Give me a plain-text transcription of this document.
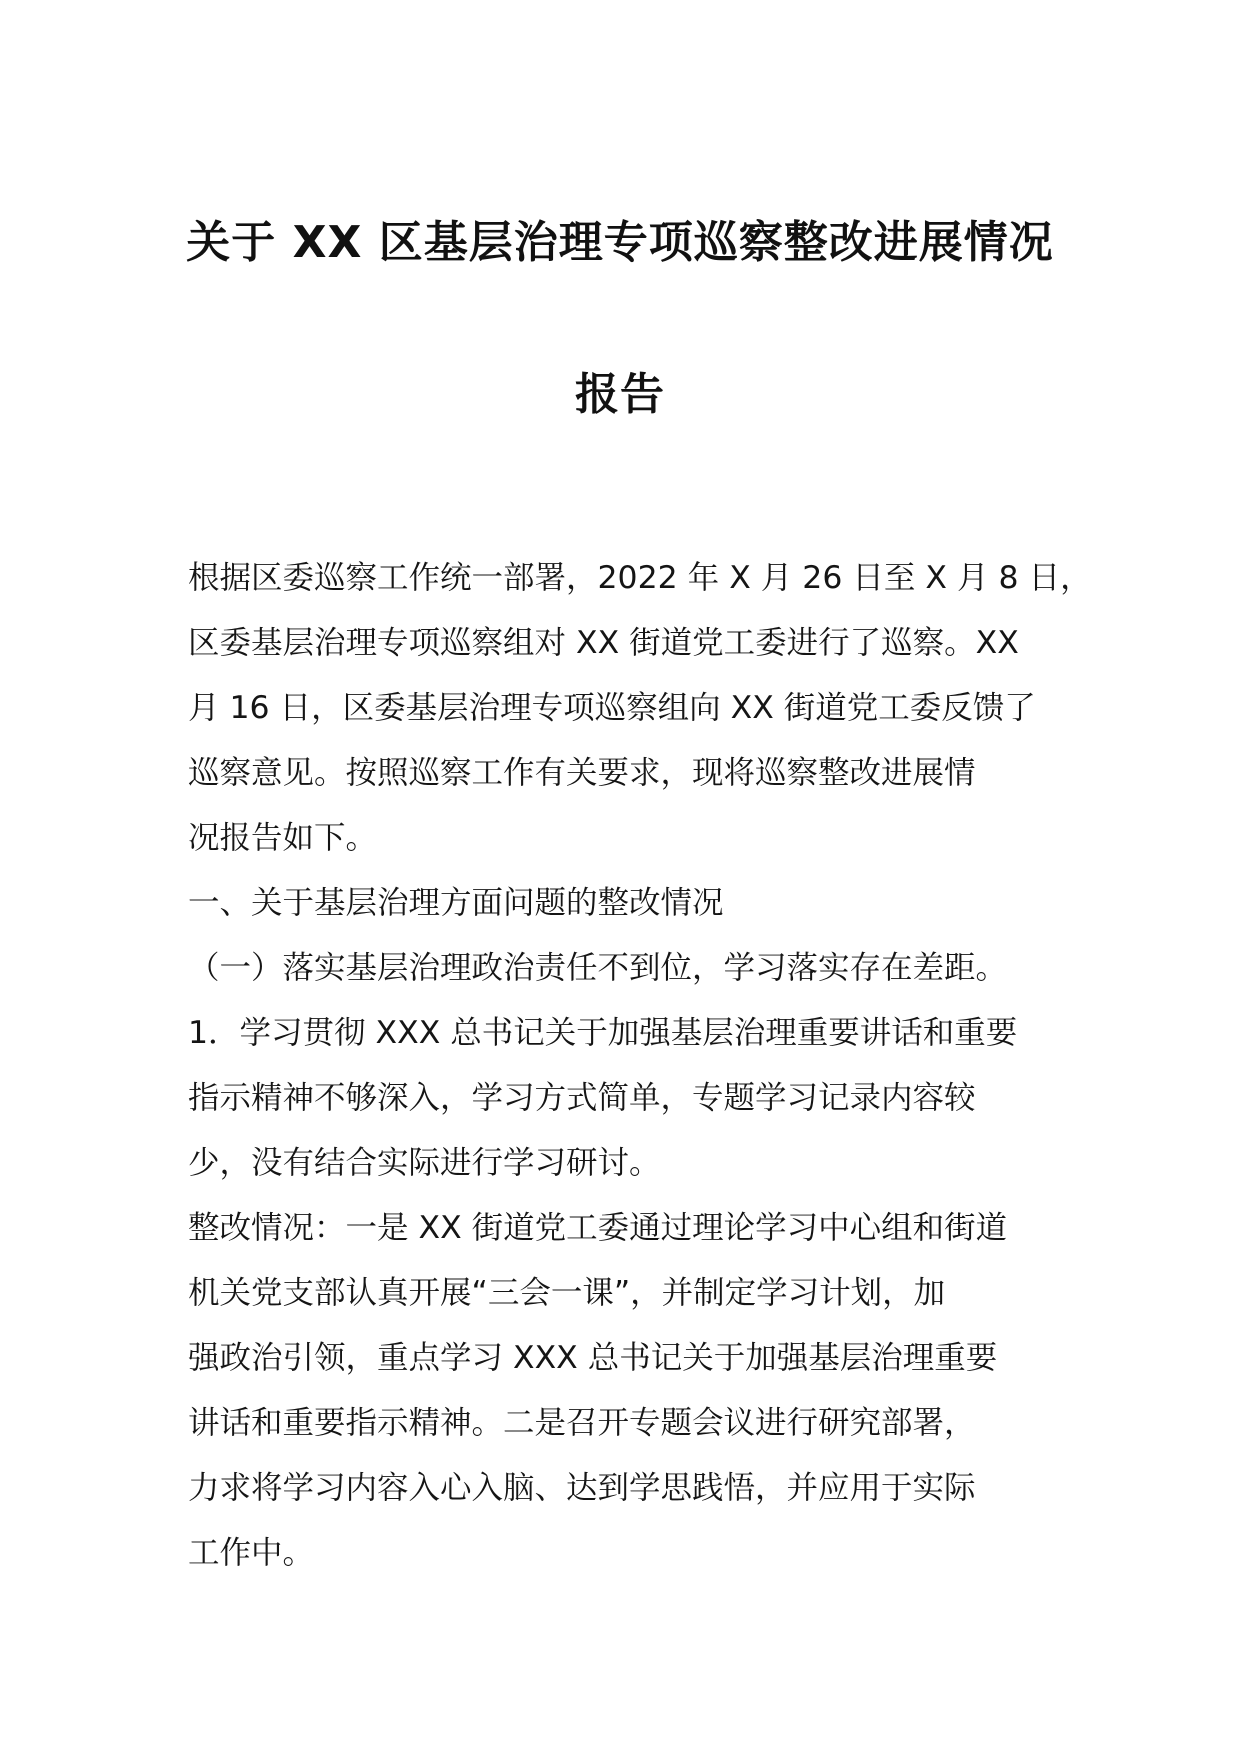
关于 XX 区基层治理专项巡察整改进展情况
报告
根据区委巡察工作统一部署，2022 年 X 月 26 日至 X 月 8 日，
区委基层治理专项巡察组对 XX 街道党工委进行了巡察。XX
月 16 日，区委基层治理专项巡察组向 XX 街道党工委反馈了
巡察意见。按照巡察工作有关要求，现将巡察整改进展情
况报告如下。
一、关于基层治理方面问题的整改情况
（一）落实基层治理政治责任不到位，学习落实存在差距。
1．学习贯彻 XXX 总书记关于加强基层治理重要讲话和重要
指示精神不够深入，学习方式简单，专题学习记录内容较
少，没有结合实际进行学习研讨。
整改情况：一是 XX 街道党工委通过理论学习中心组和街道
机关党支部认真开展“三会一课”，并制定学习计划，加
强政治引领，重点学习 XXX 总书记关于加强基层治理重要
讲话和重要指示精神。二是召开专题会议进行研究部署，
力求将学习内容入心入脑、达到学思践悟，并应用于实际
工作中。
